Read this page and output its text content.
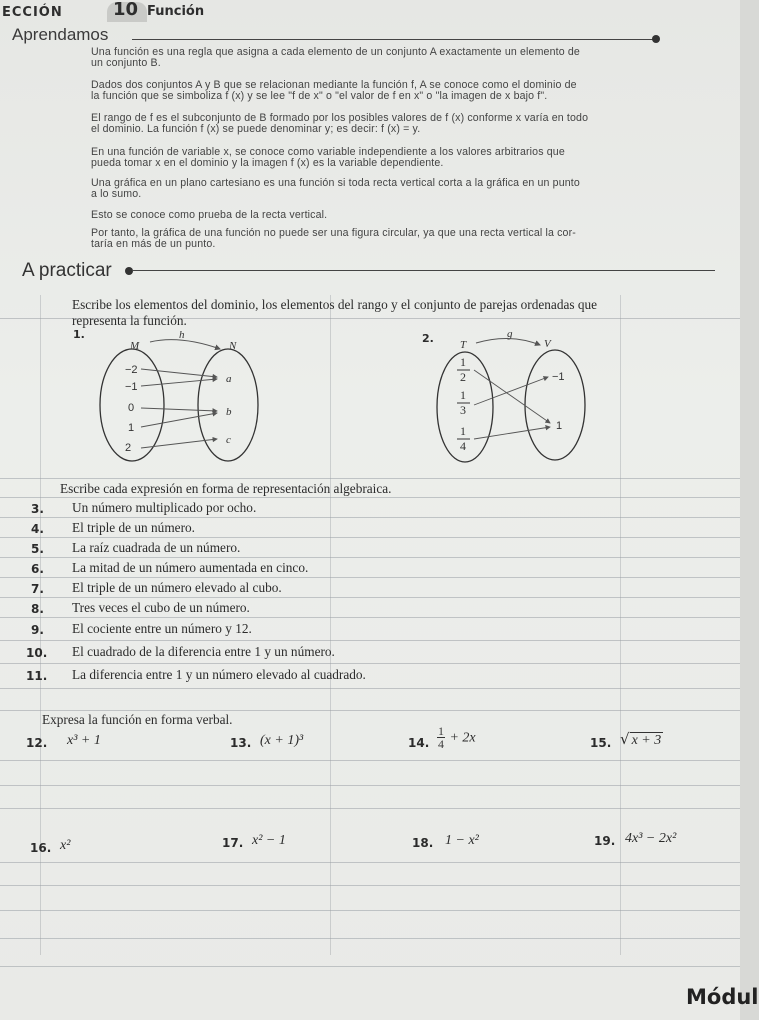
ECCIÓN	10 Función
Aprendamos
Una función es una regla que asigna a cada elemento de un conjunto A exactamente un elemento de
un conjunto B.
Dados dos conjuntos A y B que se relacionan mediante la función f, A se conoce como el dominio de
la función que se simboliza f (x) y se lee "f de x" o "el valor de f en x" o "la imagen de x bajo f".
El rango de f es el subconjunto de B formado por los posibles valores de f (x) conforme x varía en todo
el dominio. La función f (x) se puede denominar y; es decir: f (x) = y.
En una función de variable x, se conoce como variable independiente a los valores arbitrarios que
pueda tomar x en el dominio y la imagen f (x) es la variable dependiente.
Una gráfica en un plano cartesiano es una función si toda recta vertical corta a la gráfica en un punto
a lo sumo.
Esto se conoce como prueba de la recta vertical.
Por tanto, la gráfica de una función no puede ser una figura circular, ya que una recta vertical la cor-
taría en más de un punto.
A practicar
Escribe los elementos del dominio, los elementos del rango y el conjunto de parejas ordenadas que
representa la función.
1.
M	N
h
−2
−1
0
1
2
a
b
c
2. T	V
g
1
2
1
3
1
4
−1
1
Escribe cada expresión en forma de representación algebraica.
3. Un número multiplicado por ocho.
4. El triple de un número.
5. La raíz cuadrada de un número.
6. La mitad de un número aumentada en cinco.
7. El triple de un número elevado al cubo.
8. Tres veces el cubo de un número.
9. El cociente entre un número y 12.
10. El cuadrado de la diferencia entre 1 y un número.
11. La diferencia entre 1 y un número elevado al cuadrado.
Expresa la función en forma verbal.
12. x³ + 1	13. (x + 1)³	14. $\frac{1}{4} + 2x$	15. √ x + 3
16. x²	17. x² − 1	18. 1 − x²	19. 4x³ − 2x²
Módul
